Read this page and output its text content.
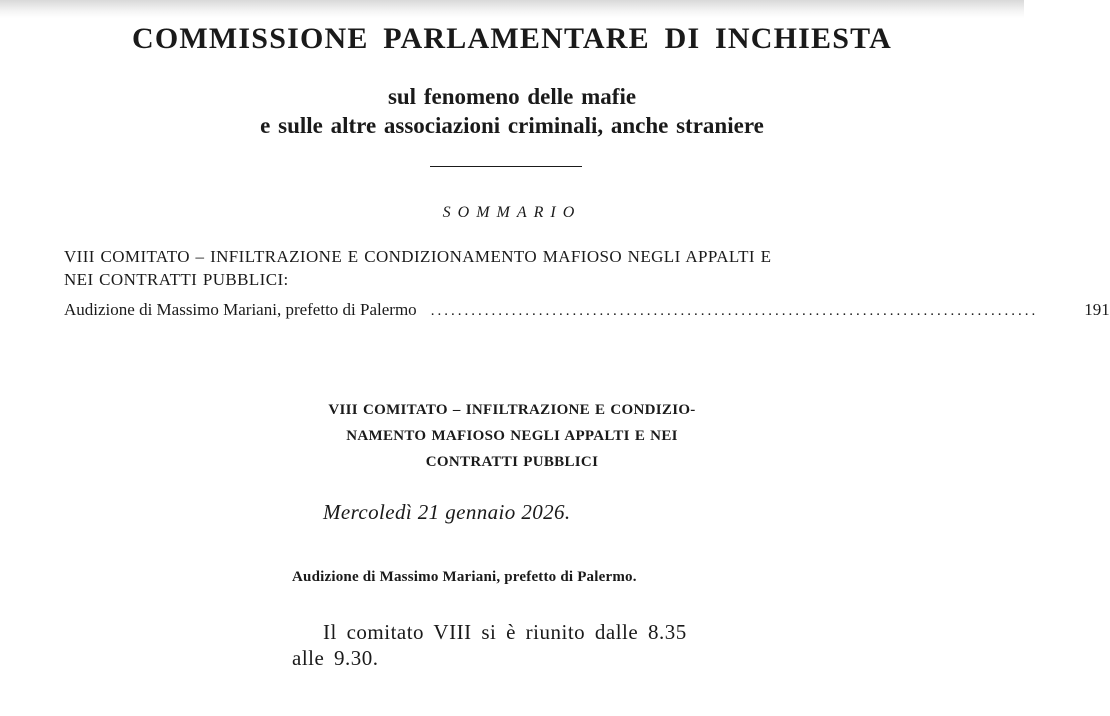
COMMISSIONE PARLAMENTARE DI INCHIESTA
sul fenomeno delle mafie
e sulle altre associazioni criminali, anche straniere
SOMMARIO
VIII COMITATO – INFILTRAZIONE E CONDIZIONAMENTO MAFIOSO NEGLI APPALTI E
NEI CONTRATTI PUBBLICI:
Audizione di Massimo Mariani, prefetto di Palermo ..........................................................................................	191
VIII COMITATO – INFILTRAZIONE E CONDIZIO-
NAMENTO MAFIOSO NEGLI APPALTI E NEI
CONTRATTI PUBBLICI
Mercoledì 21 gennaio 2026.
Audizione di Massimo Mariani, prefetto di Palermo.
Il comitato VIII si è riunito dalle 8.35
alle 9.30.
